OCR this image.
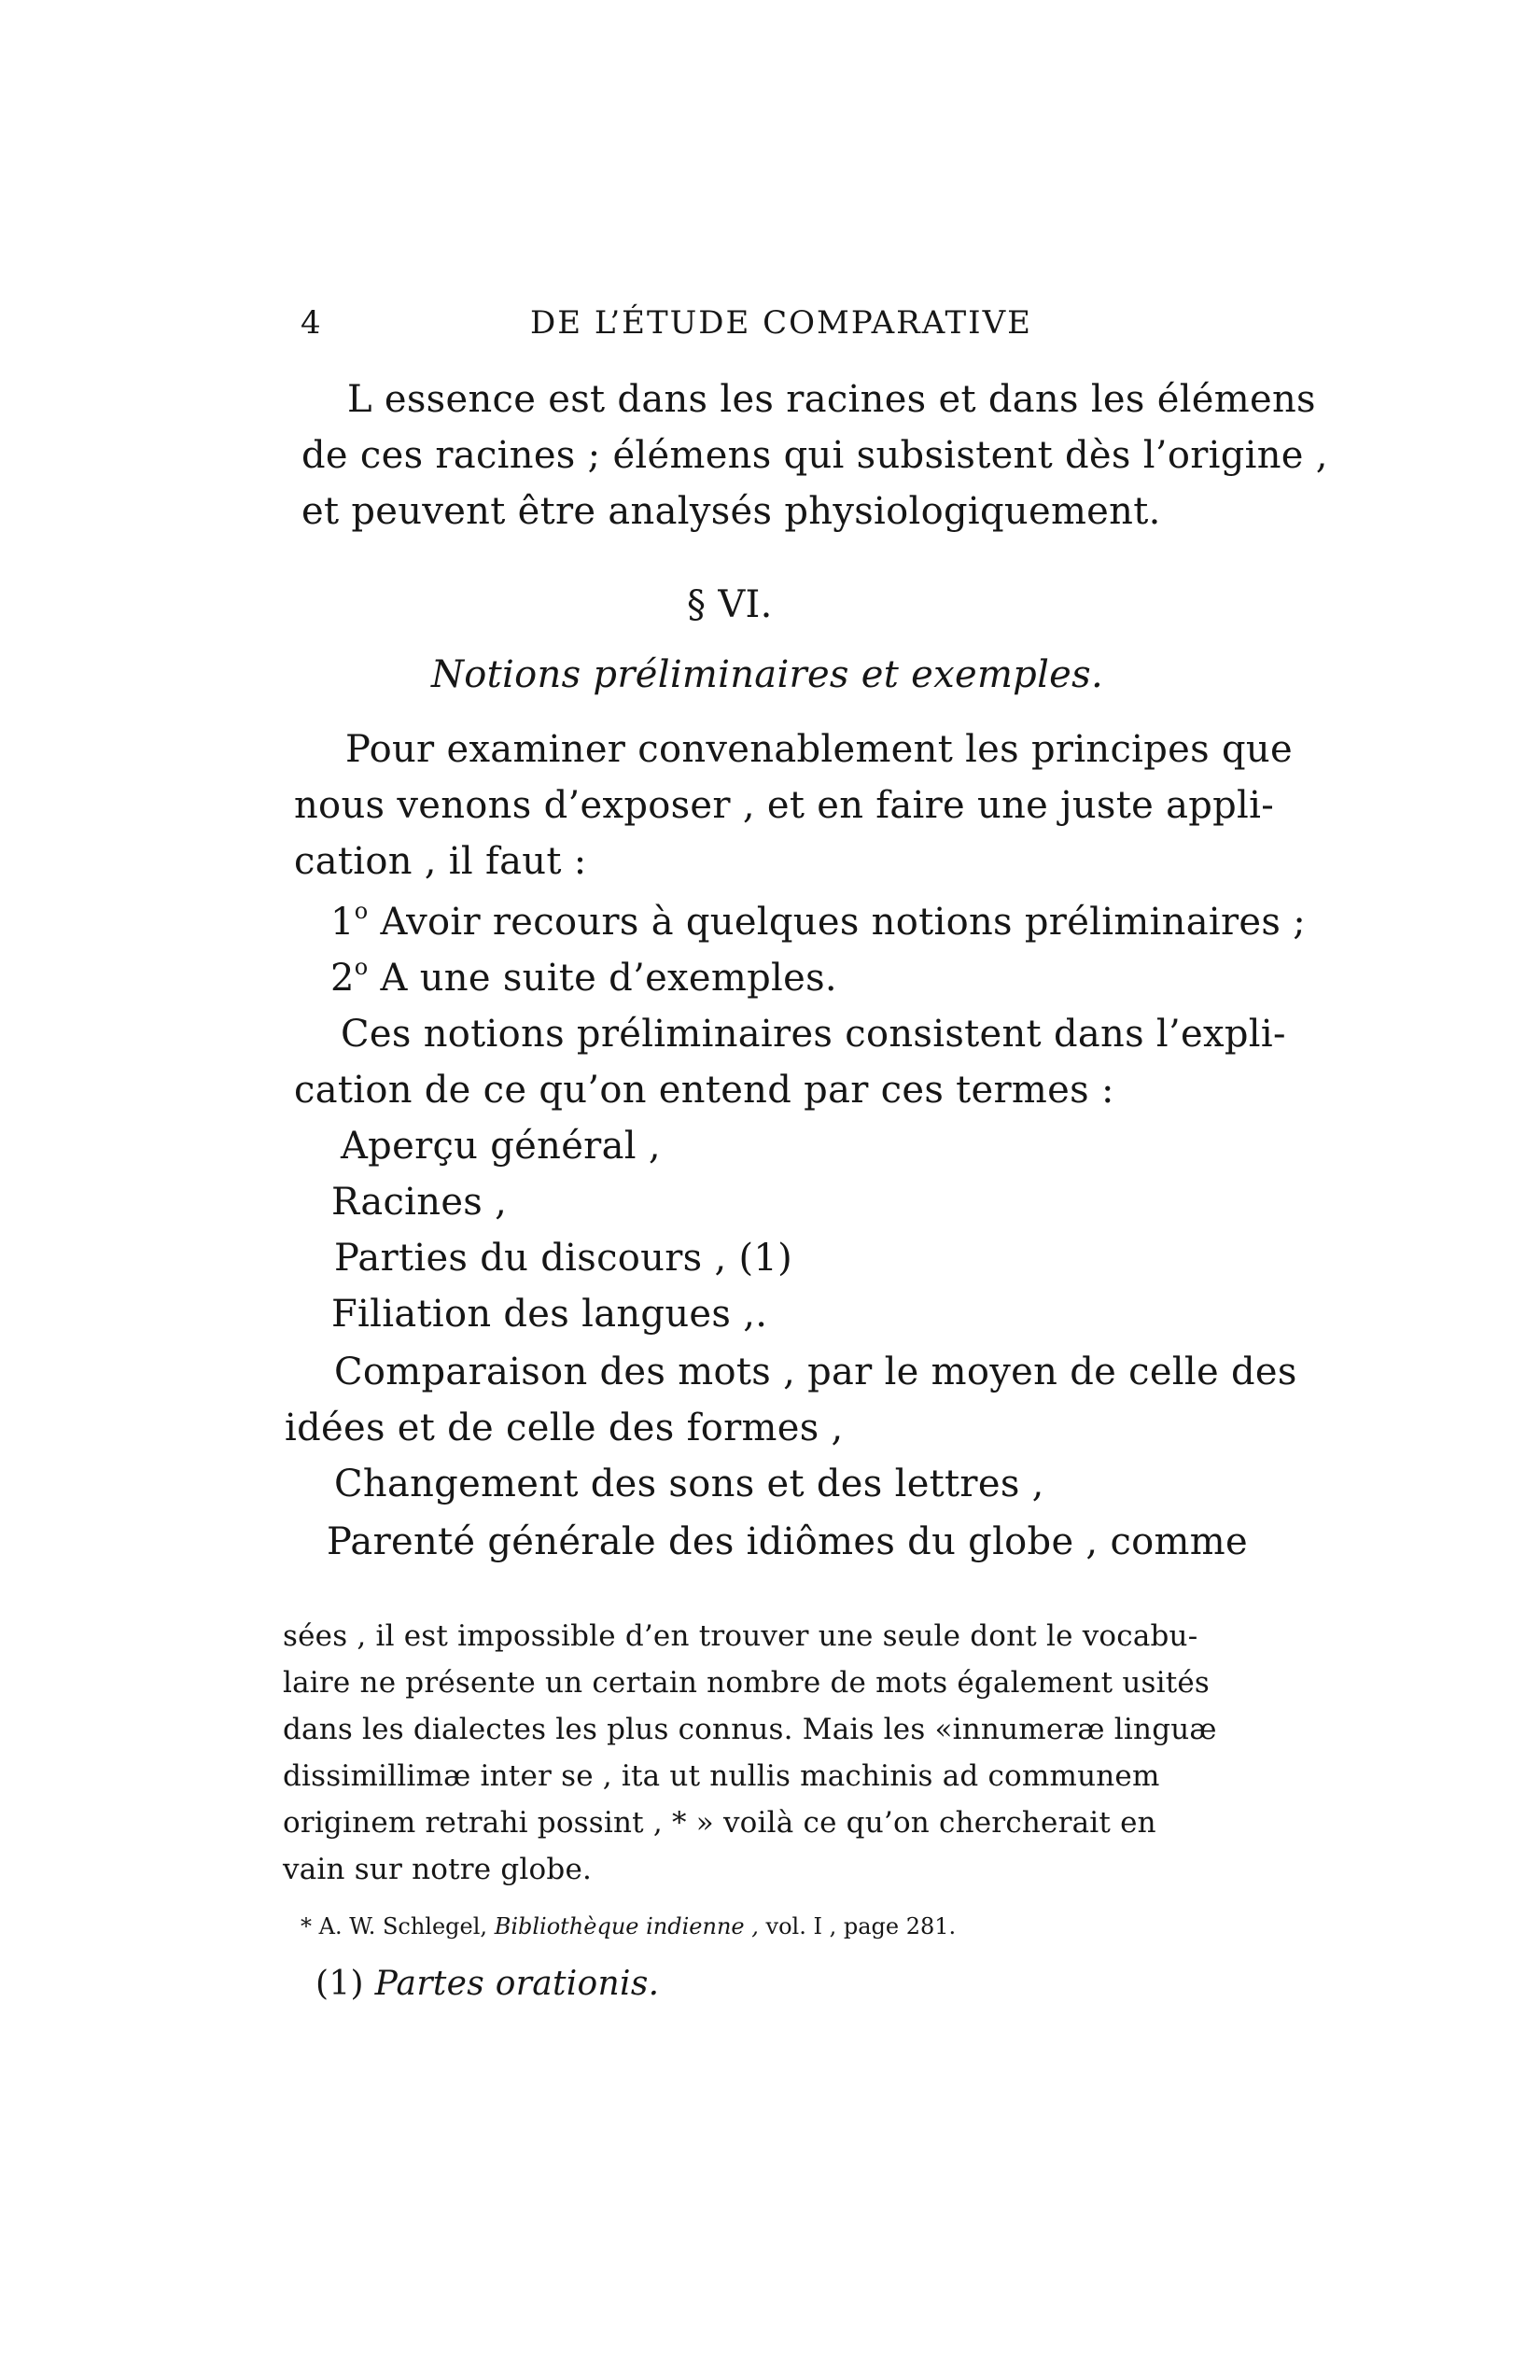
4	DE L’ÉTUDE COMPARATIVE
L essence est dans les racines et dans les élémens
de ces racines ; élémens qui subsistent dès l’origine ,
et peuvent être analysés physiologiquement.
§ VI.
Notions préliminaires et exemples.
Pour examiner convenablement les principes que
nous venons d’exposer , et en faire une juste appli-
cation , il faut :
1$^o$ Avoir recours à quelques notions préliminaires ;
2$^o$ A une suite d’exemples.
Ces notions préliminaires consistent dans l’expli-
cation de ce qu’on entend par ces termes :
Aperçu général ,
Racines ,
Parties du discours , (1)
Filiation des langues ,.
Comparaison des mots , par le moyen de celle des
idées et de celle des formes ,
Changement des sons et des lettres ,
Parenté générale des idiômes du globe , comme
sées , il est impossible d’en trouver une seule dont le vocabu-
laire ne présente un certain nombre de mots également usités
dans les dialectes les plus connus. Mais les «innumeræ linguæ
dissimillimæ inter se , ita ut nullis machinis ad communem
originem retrahi possint , * » voilà ce qu’on chercherait en
vain sur notre globe.
* A. W. Schlegel, Bibliothèque indienne , vol. I , page 281.
(1) Partes orationis.
